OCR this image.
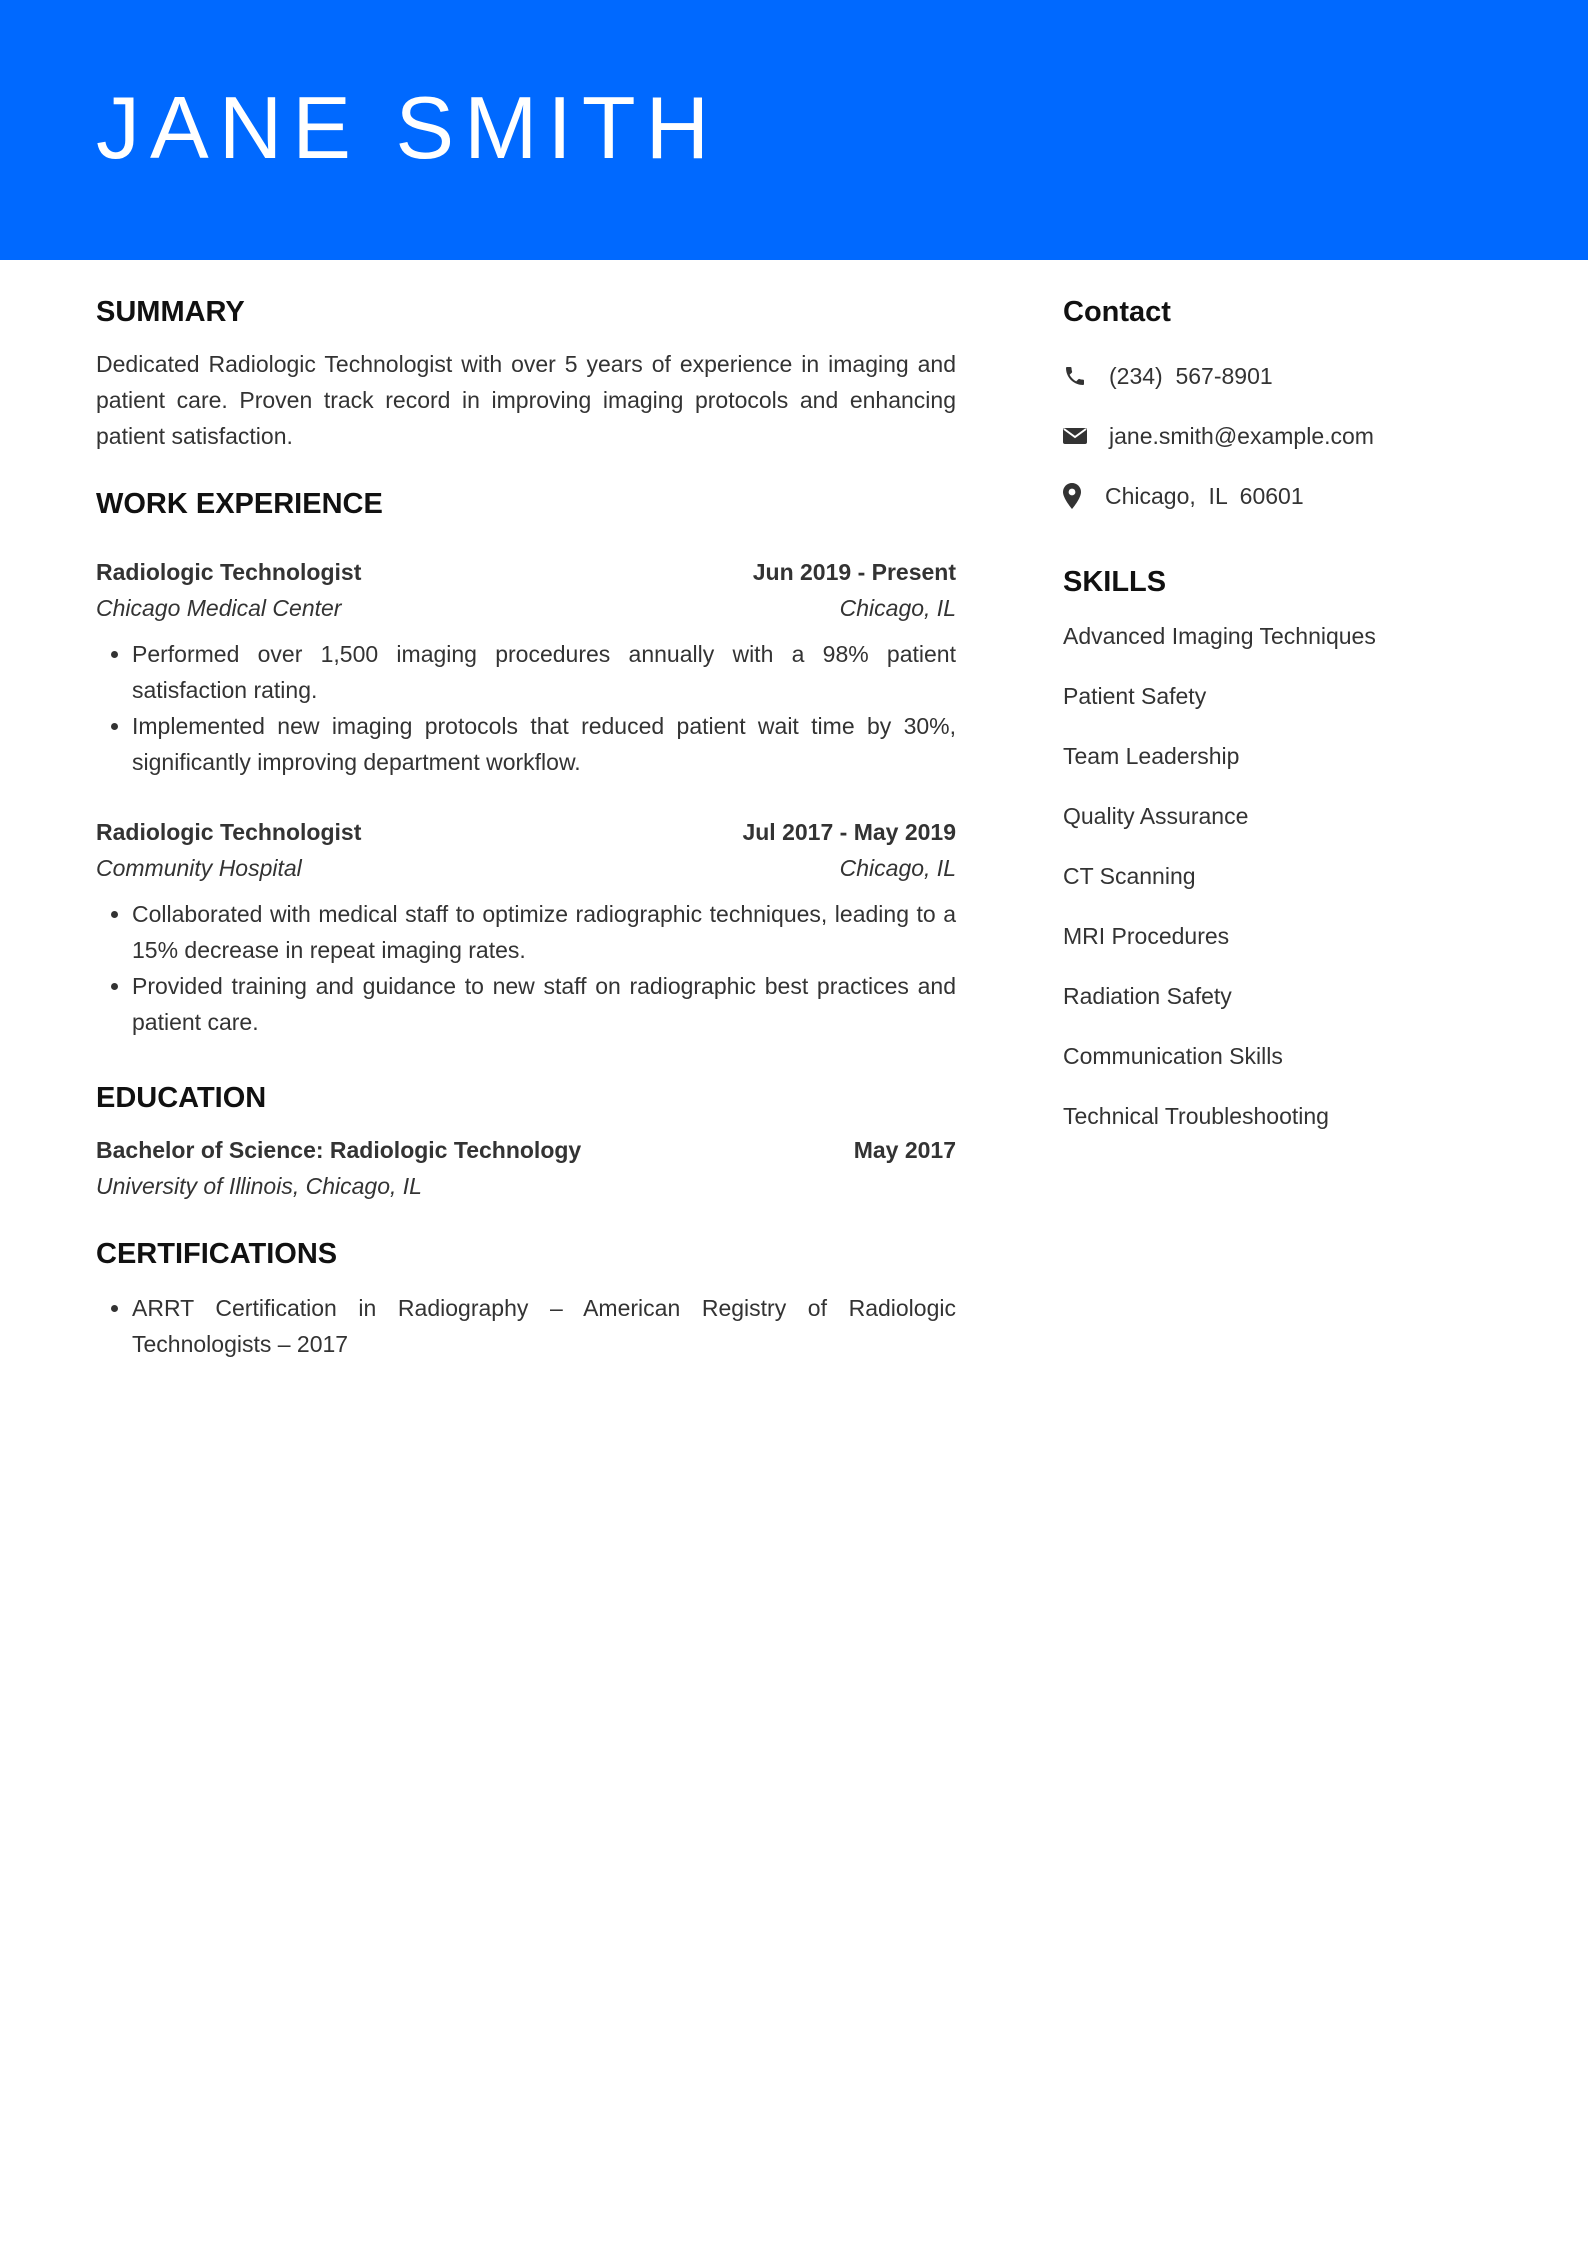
JANE SMITH
SUMMARY

Dedicated Radiologic Technologist with over 5 years of experience in imaging and patient care. Proven track record in improving imaging protocols and enhancing patient satisfaction.

WORK EXPERIENCE
Radiologic Technologist	Jun 2019 - Present
Chicago Medical Center	Chicago, IL
• Performed over 1,500 imaging procedures annually with a 98% patient satisfaction rating.
• Implemented new imaging protocols that reduced patient wait time by 30%, significantly improving department workflow.
Radiologic Technologist	Jul 2017 - May 2019
Community Hospital	Chicago, IL
• Collaborated with medical staff to optimize radiographic techniques, leading to a 15% decrease in repeat imaging rates.
• Provided training and guidance to new staff on radiographic best practices and patient care.
EDUCATION
Bachelor of Science: Radiologic Technology	May 2017
University of Illinois, Chicago, IL
CERTIFICATIONS
• ARRT Certification in Radiography – American Registry of Radiologic Technologists – 2017
Contact
(234)  567-8901
jane.smith@example.com
Chicago,  IL  60601
SKILLS
Advanced Imaging Techniques
Patient Safety
Team Leadership
Quality Assurance
CT Scanning
MRI Procedures
Radiation Safety
Communication Skills
Technical Troubleshooting
